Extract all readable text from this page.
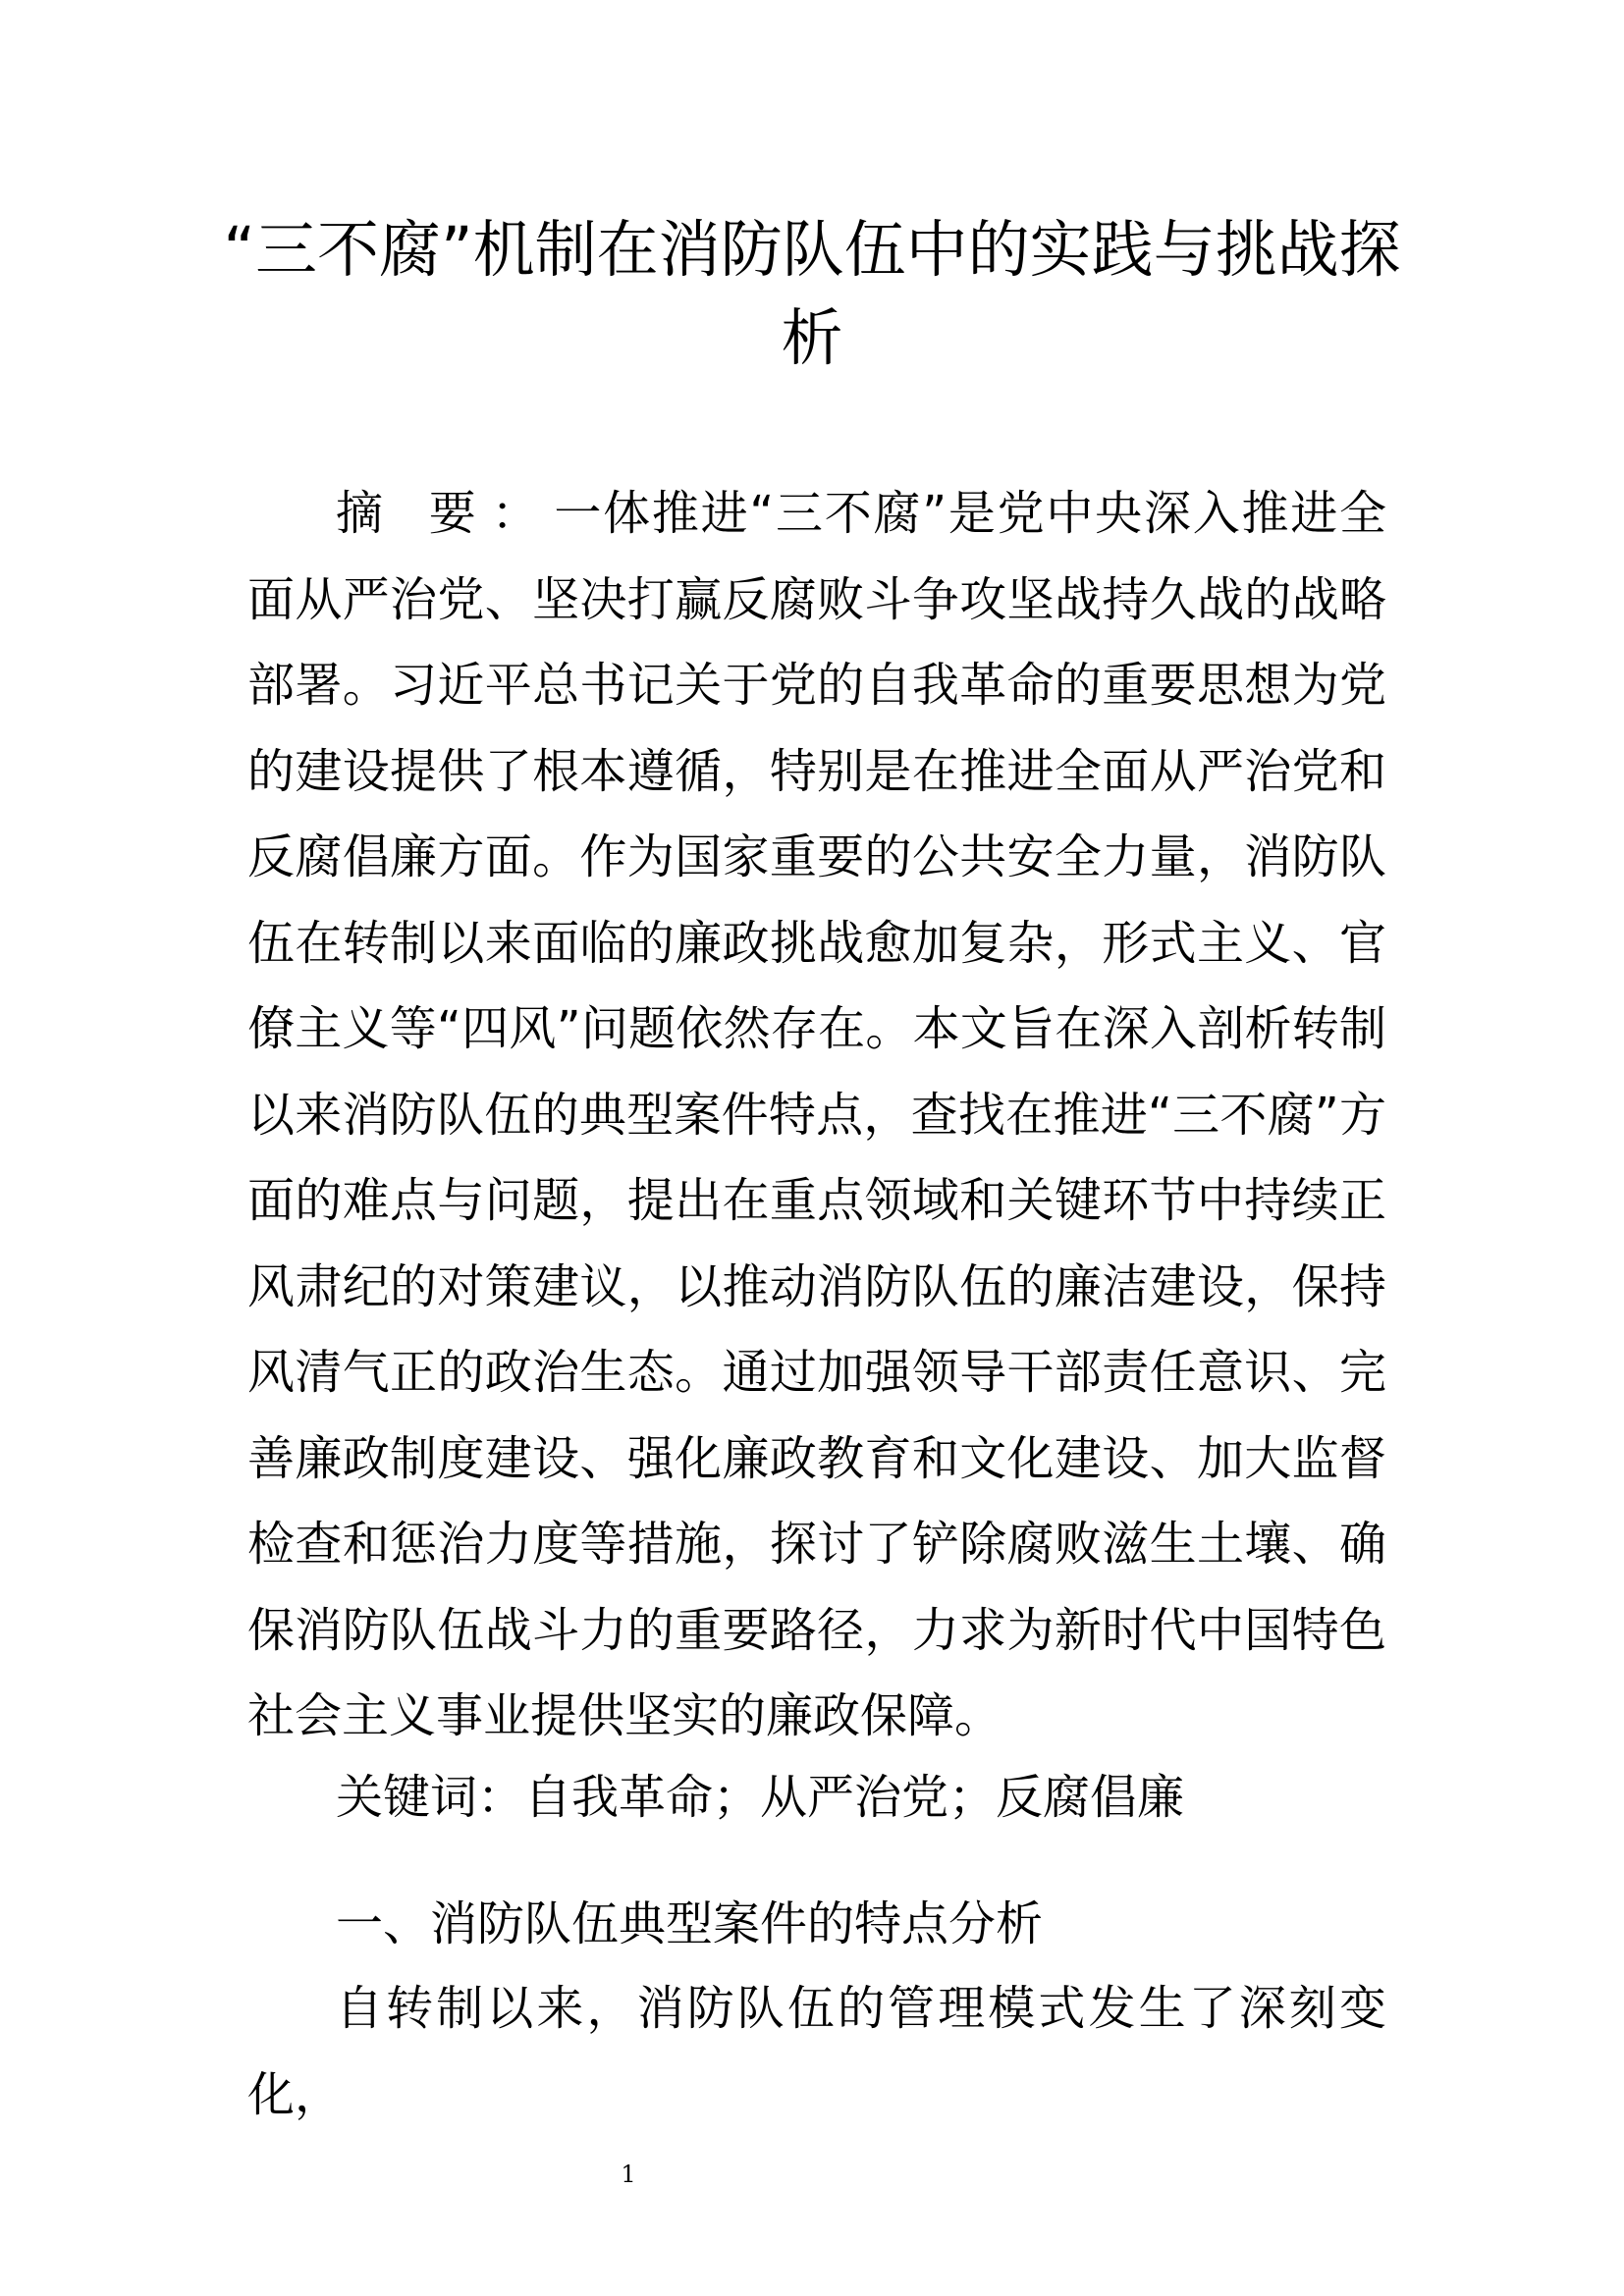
“三不腐”机制在消防队伍中的实践与挑战探析

摘 要：一体推进“三不腐”是党中央深入推进全面从严治党、坚决打赢反腐败斗争攻坚战持久战的战略部署。习近平总书记关于党的自我革命的重要思想为党的建设提供了根本遵循，特别是在推进全面从严治党和反腐倡廉方面。作为国家重要的公共安全力量，消防队伍在转制以来面临的廉政挑战愈加复杂，形式主义、官僚主义等“四风”问题依然存在。本文旨在深入剖析转制以来消防队伍的典型案件特点，查找在推进“三不腐”方面的难点与问题，提出在重点领域和关键环节中持续正风肃纪的对策建议，以推动消防队伍的廉洁建设，保持风清气正的政治生态。通过加强领导干部责任意识、完善廉政制度建设、强化廉政教育和文化建设、加大监督检查和惩治力度等措施，探讨了铲除腐败滋生土壤、确保消防队伍战斗力的重要路径，力求为新时代中国特色社会主义事业提供坚实的廉政保障。

关键词：自我革命；从严治党；反腐倡廉

一、消防队伍典型案件的特点分析

自转制以来，消防队伍的管理模式发生了深刻变化，

1
